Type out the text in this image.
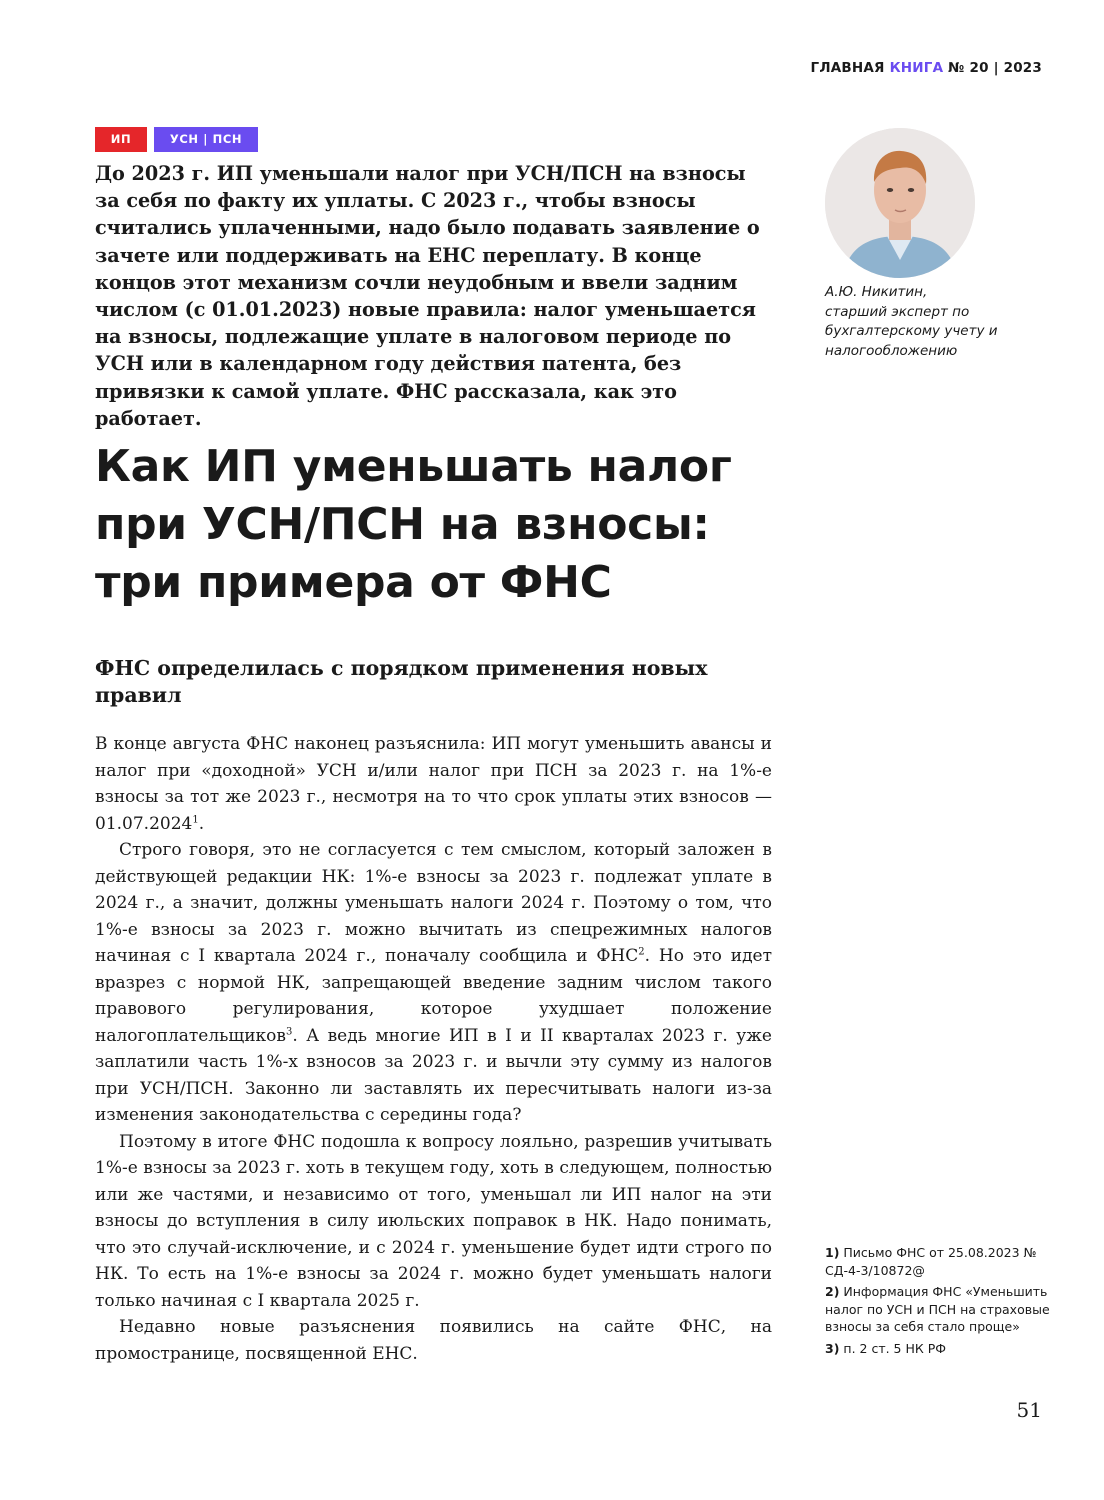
ГЛАВНАЯ КНИГА № 20 | 2023
ИП	УСН | ПСН

До 2023 г. ИП уменьшали налог при УСН/ПСН на взносы за себя по факту их уплаты. С 2023 г., чтобы взносы считались уплаченными, надо было подавать заявление о зачете или поддерживать на ЕНС переплату. В конце концов этот механизм сочли неудобным и ввели задним числом (с 01.01.2023) новые правила: налог уменьшается на взносы, подлежащие уплате в налоговом периоде по УСН или в календарном году действия патента, без привязки к самой уплате. ФНС рассказала, как это работает.

А.Ю. Никитин,

старший эксперт по бухгалтерскому учету и налогообложению

Как ИП уменьшать налог при УСН/ПСН на взносы: три примера от ФНС
ФНС определилась с порядком применения новых правил

В конце августа ФНС наконец разъяснила: ИП могут уменьшить авансы и налог при «доходной» УСН и/или налог при ПСН за 2023 г. на 1%-е взносы за тот же 2023 г., несмотря на то что срок уплаты этих взносов — 01.07.2024$^1$.

Строго говоря, это не согласуется с тем смыслом, который заложен в действующей редакции НК: 1%-е взносы за 2023 г. подлежат уплате в 2024 г., а значит, должны уменьшать налоги 2024 г. Поэтому о том, что 1%-е взносы за 2023 г. можно вычитать из спецрежимных налогов начиная с I квартала 2024 г., поначалу сообщила и ФНС$^2$. Но это идет вразрез с нормой НК, запрещающей введение задним числом такого правового регулирования, которое ухудшает положение налогоплательщиков$^3$. А ведь многие ИП в I и II кварталах 2023 г. уже заплатили часть 1%-х взносов за 2023 г. и вычли эту сумму из налогов при УСН/ПСН. Законно ли заставлять их пересчитывать налоги из-за изменения законодательства с середины года?

Поэтому в итоге ФНС подошла к вопросу лояльно, разрешив учитывать 1%-е взносы за 2023 г. хоть в текущем году, хоть в следующем, полностью или же частями, и независимо от того, уменьшал ли ИП налог на эти взносы до вступления в силу июльских поправок в НК. Надо понимать, что это случай-исключение, и с 2024 г. уменьшение будет идти строго по НК. То есть на 1%-е взносы за 2024 г. можно будет уменьшать налоги только начиная с I квартала 2025 г.

Недавно новые разъяснения появились на сайте ФНС, на промостранице, посвященной ЕНС.

1) Письмо ФНС от 25.08.2023 № СД-4-3/10872@

2) Информация ФНС «Уменьшить налог по УСН и ПСН на страховые взносы за себя стало проще»

3) п. 2 ст. 5 НК РФ

51
